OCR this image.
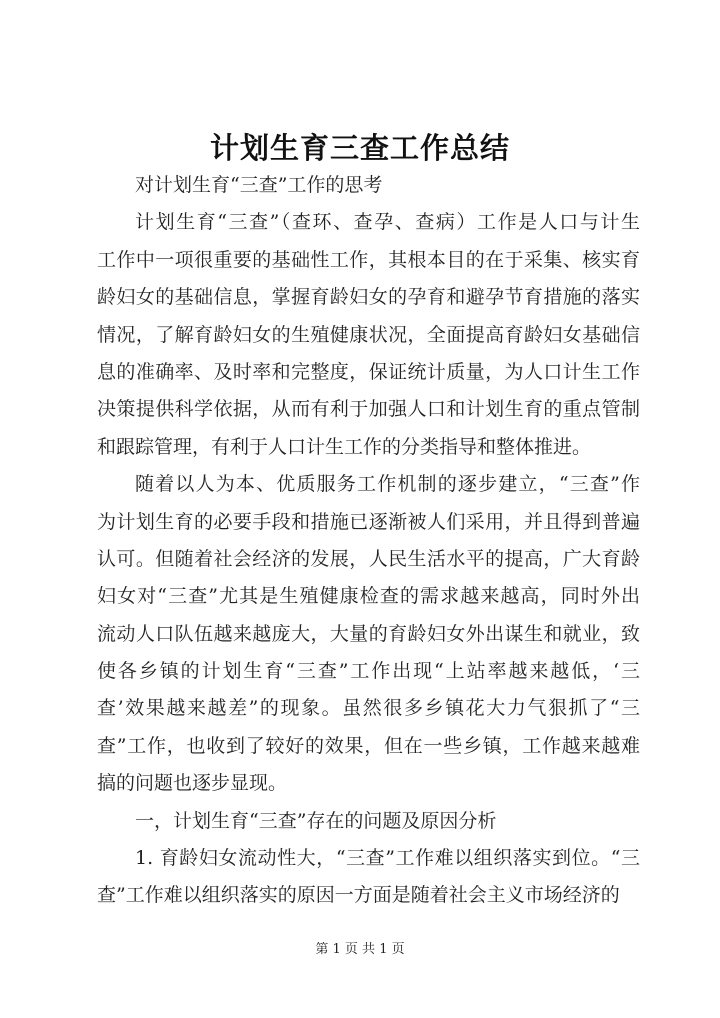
计划生育三查工作总结
对计划生育“三查”工作的思考
计划生育“三查”（查环、查孕、查病）工作是人口与计生
工作中一项很重要的基础性工作，其根本目的在于采集、核实育
龄妇女的基础信息，掌握育龄妇女的孕育和避孕节育措施的落实
情况，了解育龄妇女的生殖健康状况，全面提高育龄妇女基础信
息的准确率、及时率和完整度，保证统计质量，为人口计生工作
决策提供科学依据，从而有利于加强人口和计划生育的重点管制
和跟踪管理，有利于人口计生工作的分类指导和整体推进。
随着以人为本、优质服务工作机制的逐步建立，“三查”作
为计划生育的必要手段和措施已逐渐被人们采用，并且得到普遍
认可。但随着社会经济的发展，人民生活水平的提高，广大育龄
妇女对“三查”尤其是生殖健康检查的需求越来越高，同时外出
流动人口队伍越来越庞大，大量的育龄妇女外出谋生和就业，致
使各乡镇的计划生育“三查”工作出现“上站率越来越低，‘三
查’效果越来越差”的现象。虽然很多乡镇花大力气狠抓了“三
查”工作，也收到了较好的效果，但在一些乡镇，工作越来越难
搞的问题也逐步显现。
一，计划生育“三查”存在的问题及原因分析
1. 育龄妇女流动性大，“三查”工作难以组织落实到位。“三
查”工作难以组织落实的原因一方面是随着社会主义市场经济的
第 1 页 共 1 页
